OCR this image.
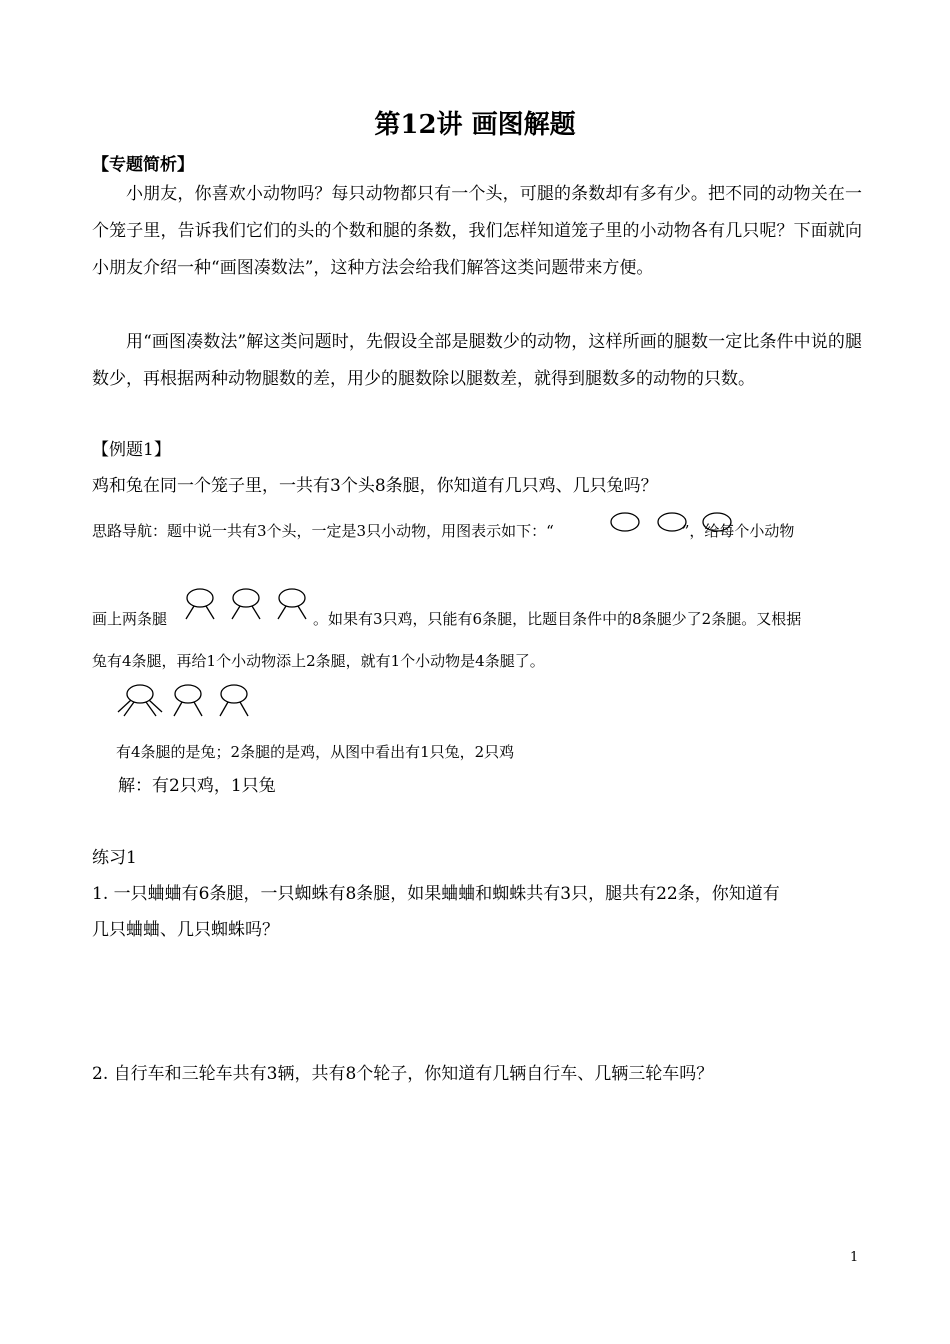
第12讲 画图解题
【专题简析】
小朋友，你喜欢小动物吗？每只动物都只有一个头，可腿的条数却有多有少。把不同的动物关在一个笼子里，告诉我们它们的头的个数和腿的条数，我们怎样知道笼子里的小动物各有几只呢？下面就向小朋友介绍一种“画图凑数法”，这种方法会给我们解答这类问题带来方便。
用“画图凑数法”解这类问题时，先假设全部是腿数少的动物，这样所画的腿数一定比条件中说的腿数少，再根据两种动物腿数的差，用少的腿数除以腿数差，就得到腿数多的动物的只数。
【例题1】
鸡和兔在同一个笼子里，一共有3个头8条腿，你知道有几只鸡、几只兔吗？
思路导航：题中说一共有3个头，一定是3只小动物，用图表示如下：“	”，给每个小动物
画上两条腿	。如果有3只鸡，只能有6条腿，比题目条件中的8条腿少了2条腿。又根据
兔有4条腿，再给1个小动物添上2条腿，就有1个小动物是4条腿了。
有4条腿的是兔；2条腿的是鸡，从图中看出有1只兔，2只鸡
解：有2只鸡，1只兔
练习1
1. 一只蛐蛐有6条腿，一只蜘蛛有8条腿，如果蛐蛐和蜘蛛共有3只，腿共有22条，你知道有
几只蛐蛐、几只蜘蛛吗？
2. 自行车和三轮车共有3辆，共有8个轮子，你知道有几辆自行车、几辆三轮车吗？
1
